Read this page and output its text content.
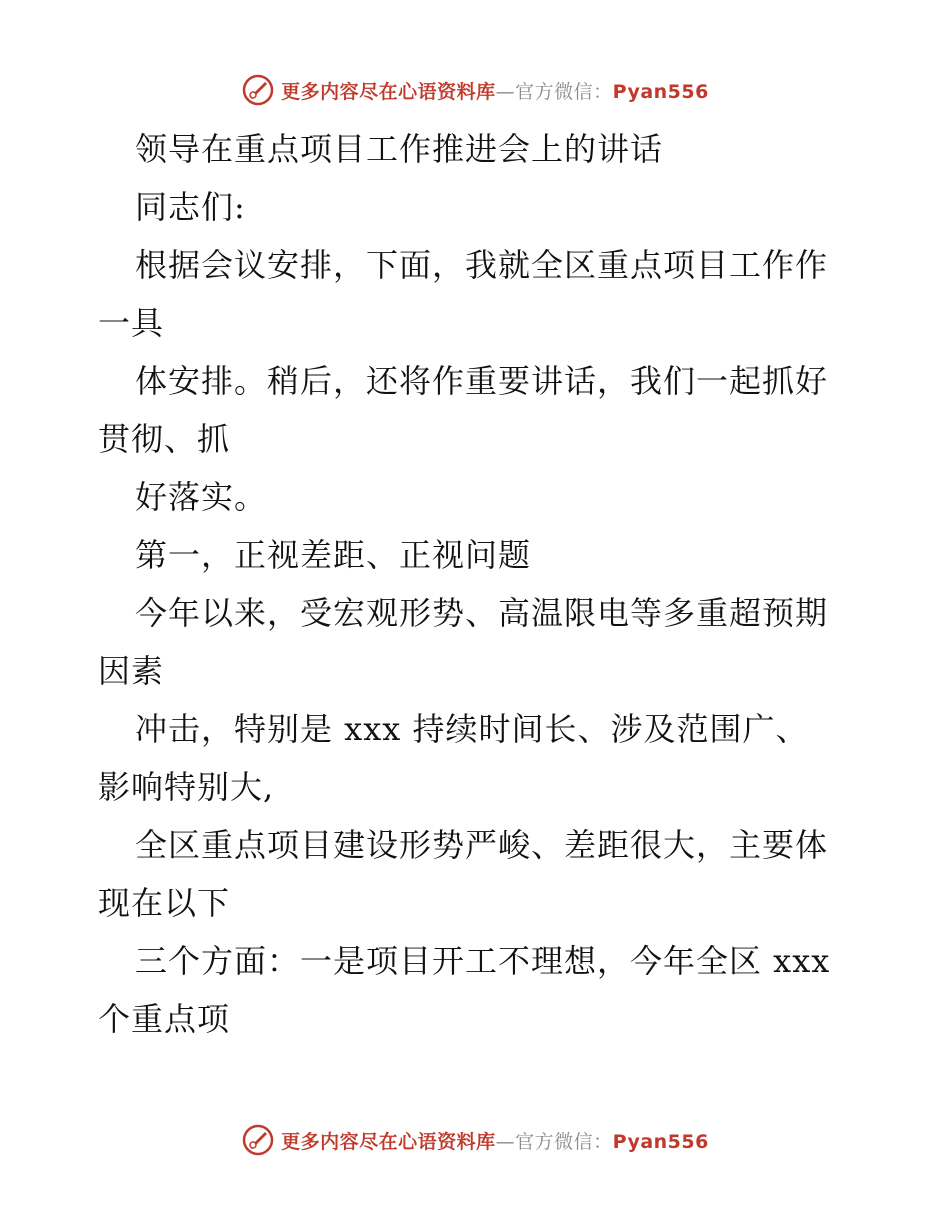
更多内容尽在心语资料库—官方微信：Pyan556
领导在重点项目工作推进会上的讲话
同志们:
根据会议安排，下面，我就全区重点项目工作作
一具
体安排。稍后，还将作重要讲话，我们一起抓好
贯彻、抓
好落实。
第一，正视差距、正视问题
今年以来，受宏观形势、高温限电等多重超预期
因素
冲击，特别是 xxx 持续时间长、涉及范围广、
影响特别大,
全区重点项目建设形势严峻、差距很大，主要体
现在以下
三个方面：一是项目开工不理想，今年全区 xxx
个重点项
更多内容尽在心语资料库—官方微信：Pyan556
